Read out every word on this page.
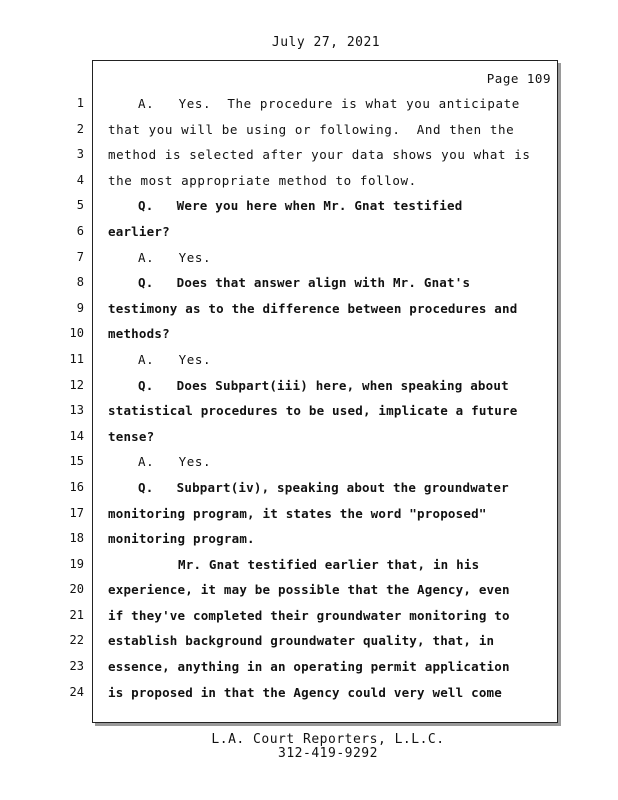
July 27, 2021
Page 109
1
2
3
4
5
6
7
8
9
10
11
12
13
14
15
16
17
18
19
20
21
22
23
24
A.   Yes.  The procedure is what you anticipate
that you will be using or following.  And then the
method is selected after your data shows you what is
the most appropriate method to follow.
Q.   Were you here when Mr. Gnat testified
earlier?
A.   Yes.
Q.   Does that answer align with Mr. Gnat's
testimony as to the difference between procedures and
methods?
A.   Yes.
Q.   Does Subpart(iii) here, when speaking about
statistical procedures to be used, implicate a future
tense?
A.   Yes.
Q.   Subpart(iv), speaking about the groundwater
monitoring program, it states the word "proposed"
monitoring program.
Mr. Gnat testified earlier that, in his
experience, it may be possible that the Agency, even
if they've completed their groundwater monitoring to
establish background groundwater quality, that, in
essence, anything in an operating permit application
is proposed in that the Agency could very well come
L.A. Court Reporters, L.L.C.
312-419-9292
